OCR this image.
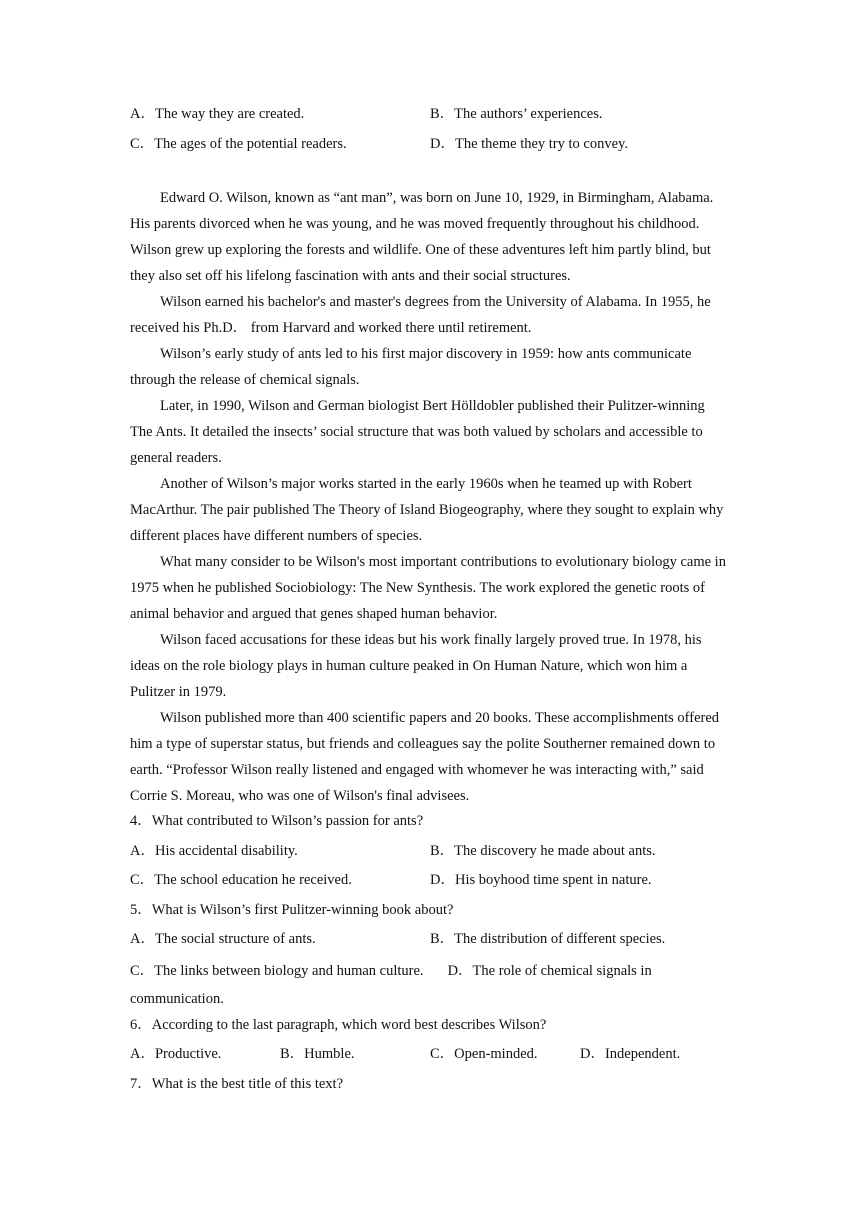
A．The way they are created.	B．The authors’ experiences.
C．The ages of the potential readers.	D．The theme they try to convey.

Edward O. Wilson, known as “ant man”, was born on June 10, 1929, in Birmingham, Alabama. His parents divorced when he was young, and he was moved frequently throughout his childhood. Wilson grew up exploring the forests and wildlife. One of these adventures left him partly blind, but they also set off his lifelong fascination with ants and their social structures.

Wilson earned his bachelor's and master's degrees from the University of Alabama. In 1955, he received his Ph.D． from Harvard and worked there until retirement.

Wilson’s early study of ants led to his first major discovery in 1959: how ants communicate through the release of chemical signals.

Later, in 1990, Wilson and German biologist Bert Hölldobler published their Pulitzer-winning The Ants. It detailed the insects’ social structure that was both valued by scholars and accessible to general readers.

Another of Wilson’s major works started in the early 1960s when he teamed up with Robert MacArthur. The pair published The Theory of Island Biogeography, where they sought to explain why different places have different numbers of species.

What many consider to be Wilson's most important contributions to evolutionary biology came in 1975 when he published Sociobiology: The New Synthesis. The work explored the genetic roots of animal behavior and argued that genes shaped human behavior.

Wilson faced accusations for these ideas but his work finally largely proved true. In 1978, his ideas on the role biology plays in human culture peaked in On Human Nature, which won him a Pulitzer in 1979.

Wilson published more than 400 scientific papers and 20 books. These accomplishments offered him a type of superstar status, but friends and colleagues say the polite Southerner remained down to earth. “Professor Wilson really listened and engaged with whomever he was interacting with,” said Corrie S. Moreau, who was one of Wilson's final advisees.

4．What contributed to Wilson’s passion for ants?
A．His accidental disability.	B．The discovery he made about ants.
C．The school education he received.	D．His boyhood time spent in nature.
5．What is Wilson’s first Pulitzer-winning book about?
A．The social structure of ants.	B．The distribution of different species.
C．The links between biology and human culture. D．The role of chemical signals in communication.
6．According to the last paragraph, which word best describes Wilson?
A．Productive.	B．Humble.	C．Open-minded.	D．Independent.
7．What is the best title of this text?
